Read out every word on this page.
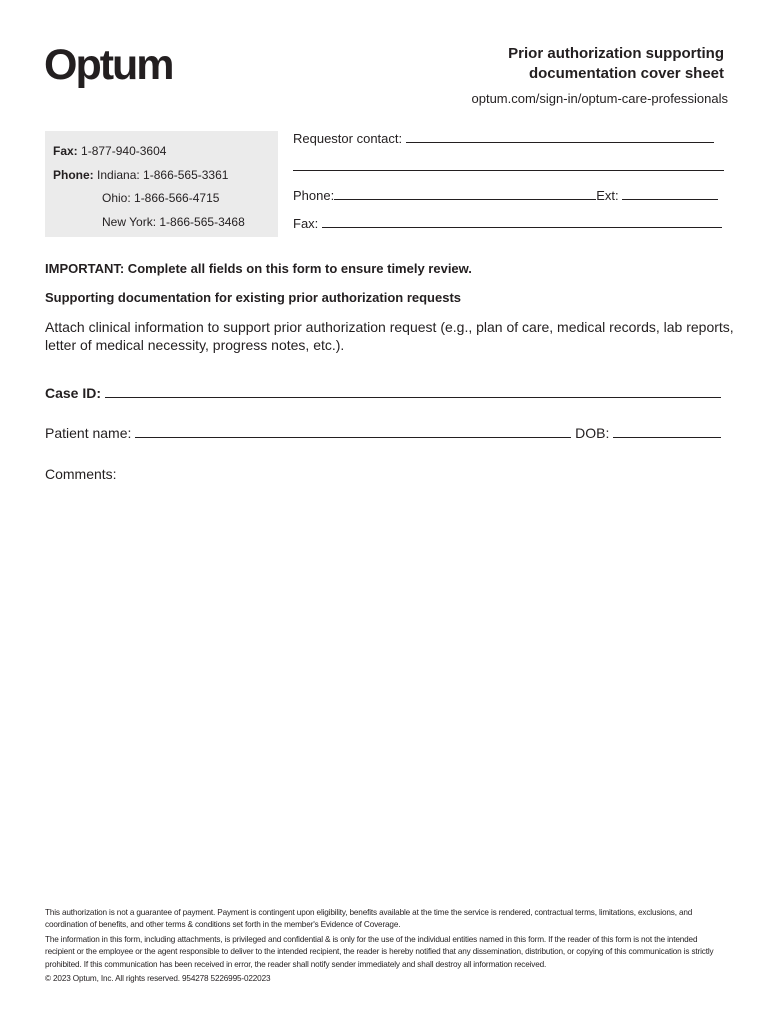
Optum	Prior authorization supporting documentation cover sheet
optum.com/sign-in/optum-care-professionals
Fax: 1-877-940-3604
Phone: Indiana: 1-866-565-3361
Ohio: 1-866-566-4715
New York: 1-866-565-3468
Requestor contact:
Phone:	Ext:
Fax:
IMPORTANT: Complete all fields on this form to ensure timely review.
Supporting documentation for existing prior authorization requests
Attach clinical information to support prior authorization request (e.g., plan of care, medical records, lab reports, letter of medical necessity, progress notes, etc.).
Case ID:
Patient name:	DOB:
Comments:

This authorization is not a guarantee of payment. Payment is contingent upon eligibility, benefits available at the time the service is rendered, contractual terms, limitations, exclusions, and coordination of benefits, and other terms & conditions set forth in the member's Evidence of Coverage.

The information in this form, including attachments, is privileged and confidential & is only for the use of the individual entities named in this form. If the reader of this form is not the intended recipient or the employee or the agent responsible to deliver to the intended recipient, the reader is hereby notified that any dissemination, distribution, or copying of this communication is strictly prohibited. If this communication has been received in error, the reader shall notify sender immediately and shall destroy all information received.

© 2023 Optum, Inc. All rights reserved. 954278 5226995-022023
